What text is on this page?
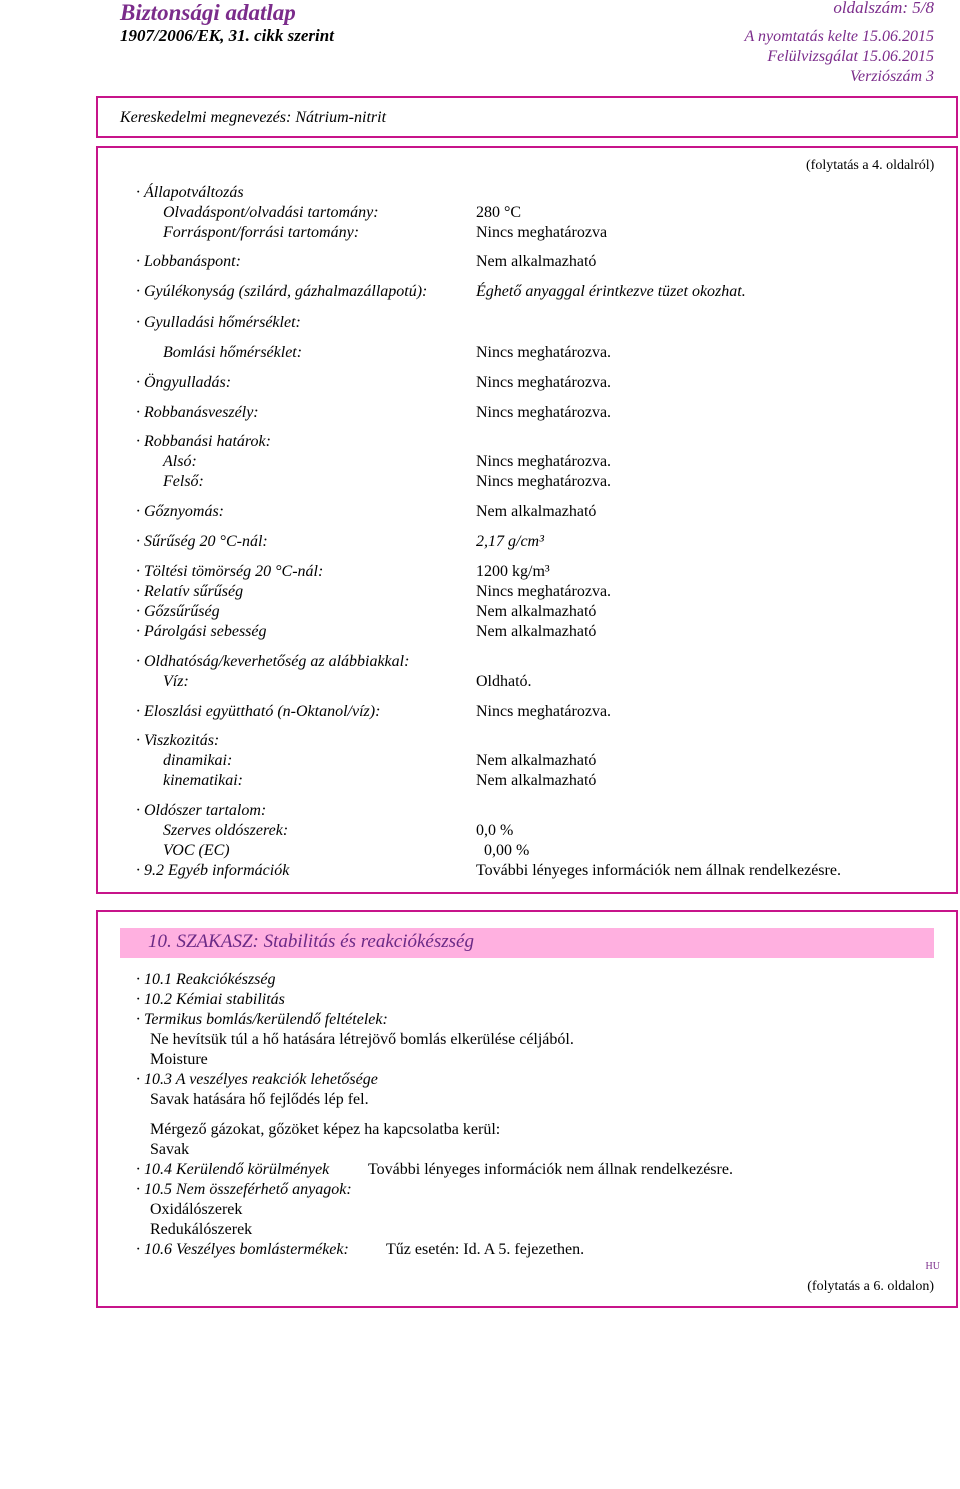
Biztonsági adatlap
1907/2006/EK, 31. cikk szerint
oldalszám: 5/8
A nyomtatás kelte 15.06.2015
Felülvizsgálat 15.06.2015
Verziószám 3
Kereskedelmi megnevezés: Nátrium-nitrit
(folytatás a 4. oldalról)
· Állapotváltozás
Olvadáspont/olvadási tartomány:	280 °C
Forráspont/forrási tartomány:	Nincs meghatározva
· Lobbanáspont:	Nem alkalmazható
· Gyúlékonyság (szilárd, gázhalmazállapotú):	Éghető anyaggal érintkezve tüzet okozhat.
· Gyulladási hőmérséklet:
Bomlási hőmérséklet:	Nincs meghatározva.
· Öngyulladás:	Nincs meghatározva.
· Robbanásveszély:	Nincs meghatározva.
· Robbanási határok:
Alsó:	Nincs meghatározva.
Felső:	Nincs meghatározva.
· Gőznyomás:	Nem alkalmazható
· Sűrűség 20 °C-nál:	2,17 g/cm³
· Töltési tömörség 20 °C-nál:	1200 kg/m³
· Relatív sűrűség	Nincs meghatározva.
· Gőzsűrűség	Nem alkalmazható
· Párolgási sebesség	Nem alkalmazható
· Oldhatóság/keverhetőség az alábbiakkal:
Víz:	Oldható.
· Eloszlási együttható (n-Oktanol/víz):	Nincs meghatározva.
· Viszkozitás:
dinamikai:	Nem alkalmazható
kinematikai:	Nem alkalmazható
· Oldószer tartalom:
Szerves oldószerek:	0,0 %
VOC (EC)	0,00 %
· 9.2 Egyéb információk	További lényeges információk nem állnak rendelkezésre.
10. SZAKASZ: Stabilitás és reakciókészség
· 10.1 Reakciókészség
· 10.2 Kémiai stabilitás
· Termikus bomlás/kerülendő feltételek:
Ne hevítsük túl a hő hatására létrejövő bomlás elkerülése céljából.
Moisture
· 10.3 A veszélyes reakciók lehetősége
Savak hatására hő fejlődés lép fel.
Mérgező gázokat, gőzöket képez ha kapcsolatba kerül:
Savak
· 10.4 Kerülendő körülmények További lényeges információk nem állnak rendelkezésre.
· 10.5 Nem összeférhető anyagok:
Oxidálószerek
Redukálószerek
· 10.6 Veszélyes bomlástermékek: Tűz esetén: Id. A 5. fejezethen.
HU
(folytatás a 6. oldalon)
